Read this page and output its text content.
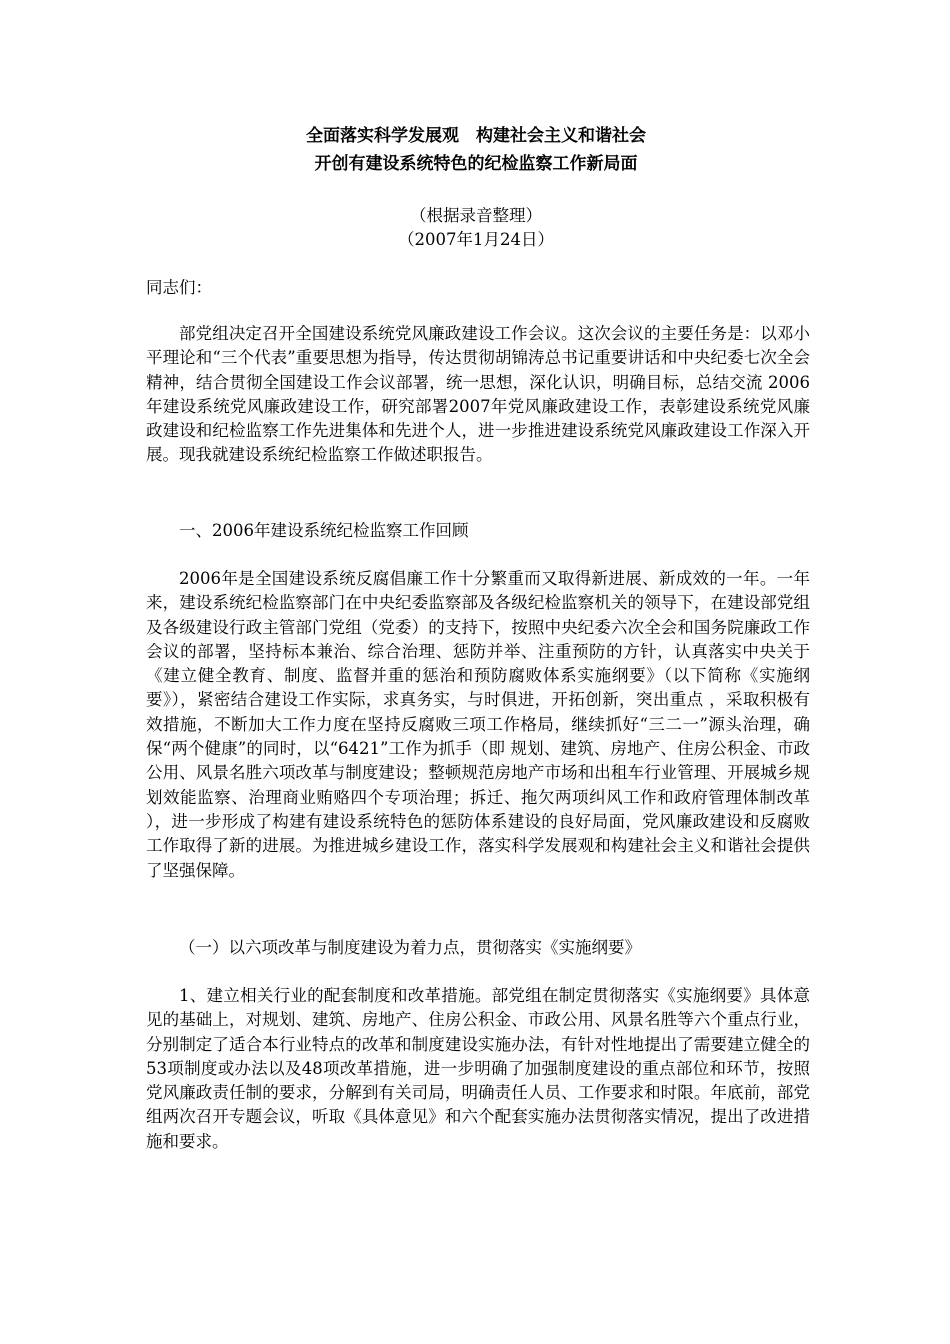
全面落实科学发展观　构建社会主义和谐社会
开创有建设系统特色的纪检监察工作新局面
（根据录音整理）
（2007年1月24日）
同志们：

部党组决定召开全国建设系统党风廉政建设工作会议。这次会议的主要任务是：以邓小平理论和“三个代表”重要思想为指导，传达贯彻胡锦涛总书记重要讲话和中央纪委七次全会精神，结合贯彻全国建设工作会议部署，统一思想，深化认识，明确目标，总结交流 2006年建设系统党风廉政建设工作，研究部署2007年党风廉政建设工作，表彰建设系统党风廉政建设和纪检监察工作先进集体和先进个人，进一步推进建设系统党风廉政建设工作深入开展。现我就建设系统纪检监察工作做述职报告。

一、2006年建设系统纪检监察工作回顾

2006年是全国建设系统反腐倡廉工作十分繁重而又取得新进展、新成效的一年。一年来，建设系统纪检监察部门在中央纪委监察部及各级纪检监察机关的领导下，在建设部党组及各级建设行政主管部门党组（党委）的支持下，按照中央纪委六次全会和国务院廉政工作会议的部署，坚持标本兼治、综合治理、惩防并举、注重预防的方针，认真落实中央关于《建立健全教育、制度、监督并重的惩治和预防腐败体系实施纲要》（以下简称《实施纲要》），紧密结合建设工作实际，求真务实，与时俱进，开拓创新，突出重点 ，采取积极有效措施，不断加大工作力度在坚持反腐败三项工作格局，继续抓好“三二一”源头治理，确保“两个健康”的同时，以“6421”工作为抓手（即 规划、建筑、房地产、住房公积金、市政公用、风景名胜六项改革与制度建设；整顿规范房地产市场和出租车行业管理、开展城乡规划效能监察、治理商业贿赂四个专项治理；拆迁、拖欠两项纠风工作和政府管理体制改革 ），进一步形成了构建有建设系统特色的惩防体系建设的良好局面，党风廉政建设和反腐败工作取得了新的进展。为推进城乡建设工作，落实科学发展观和构建社会主义和谐社会提供了坚强保障。

（一）以六项改革与制度建设为着力点，贯彻落实《实施纲要》

1、建立相关行业的配套制度和改革措施。部党组在制定贯彻落实《实施纲要》具体意见的基础上，对规划、建筑、房地产、住房公积金、市政公用、风景名胜等六个重点行业，分别制定了适合本行业特点的改革和制度建设实施办法，有针对性地提出了需要建立健全的 53项制度或办法以及48项改革措施，进一步明确了加强制度建设的重点部位和环节，按照党风廉政责任制的要求，分解到有关司局，明确责任人员、工作要求和时限。年底前，部党组两次召开专题会议，听取《具体意见》和六个配套实施办法贯彻落实情况，提出了改进措施和要求。
